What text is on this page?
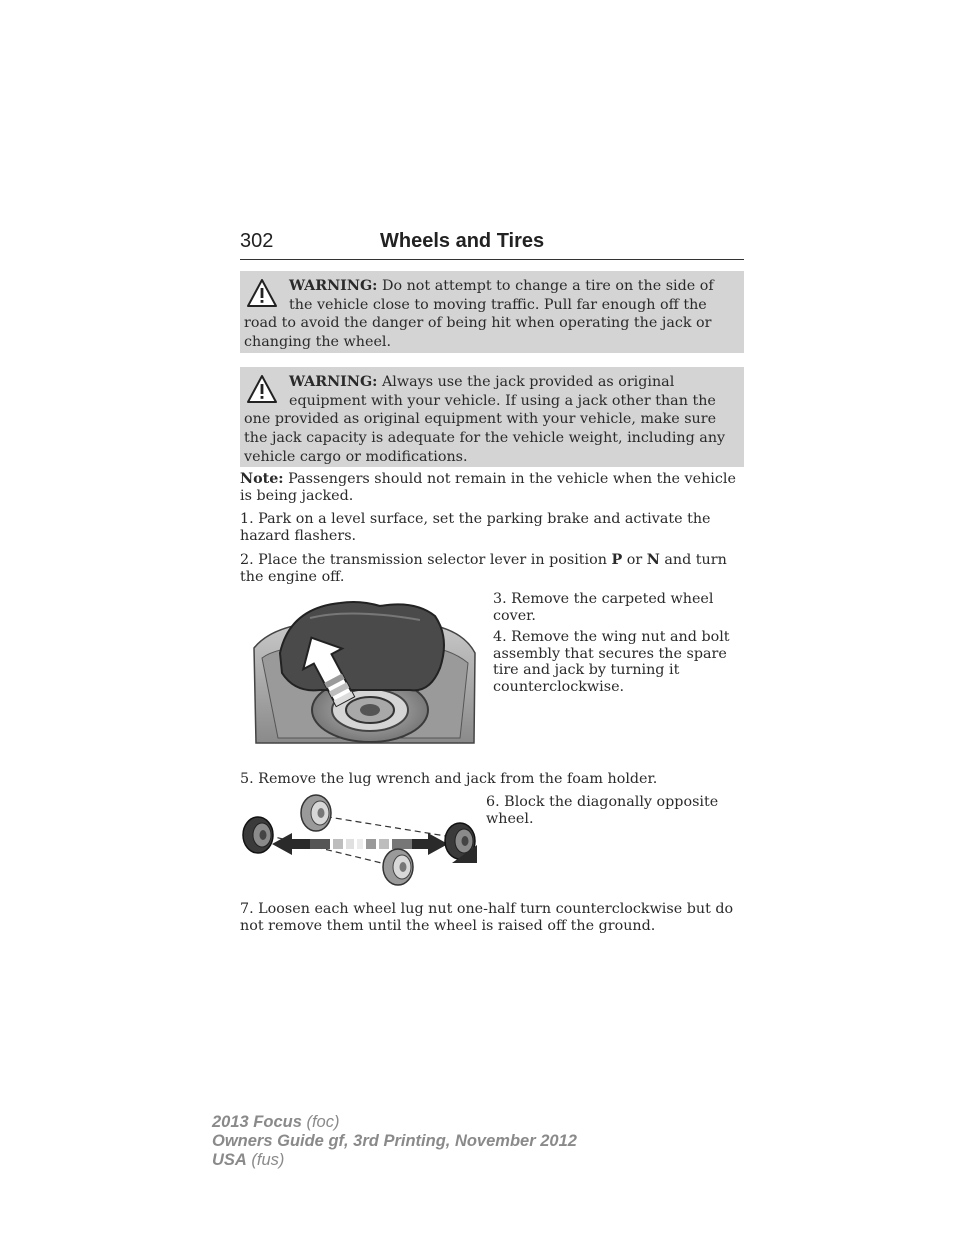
302	Wheels and Tires
WARNING: Do not attempt to change a tire on the side of the vehicle close to moving traffic. Pull far enough off the road to avoid the danger of being hit when operating the jack or changing the wheel.
WARNING: Always use the jack provided as original equipment with your vehicle. If using a jack other than the one provided as original equipment with your vehicle, make sure the jack capacity is adequate for the vehicle weight, including any vehicle cargo or modifications.

Note: Passengers should not remain in the vehicle when the vehicle is being jacked.

1. Park on a level surface, set the parking brake and activate the hazard flashers.

2. Place the transmission selector lever in position P or N and turn the engine off.

3. Remove the carpeted wheel cover.

4. Remove the wing nut and bolt assembly that secures the spare tire and jack by turning it counterclockwise.

5. Remove the lug wrench and jack from the foam holder.

6. Block the diagonally opposite wheel.

7. Loosen each wheel lug nut one-half turn counterclockwise but do not remove them until the wheel is raised off the ground.

2013 Focus (foc)
Owners Guide gf, 3rd Printing, November 2012
USA (fus)
